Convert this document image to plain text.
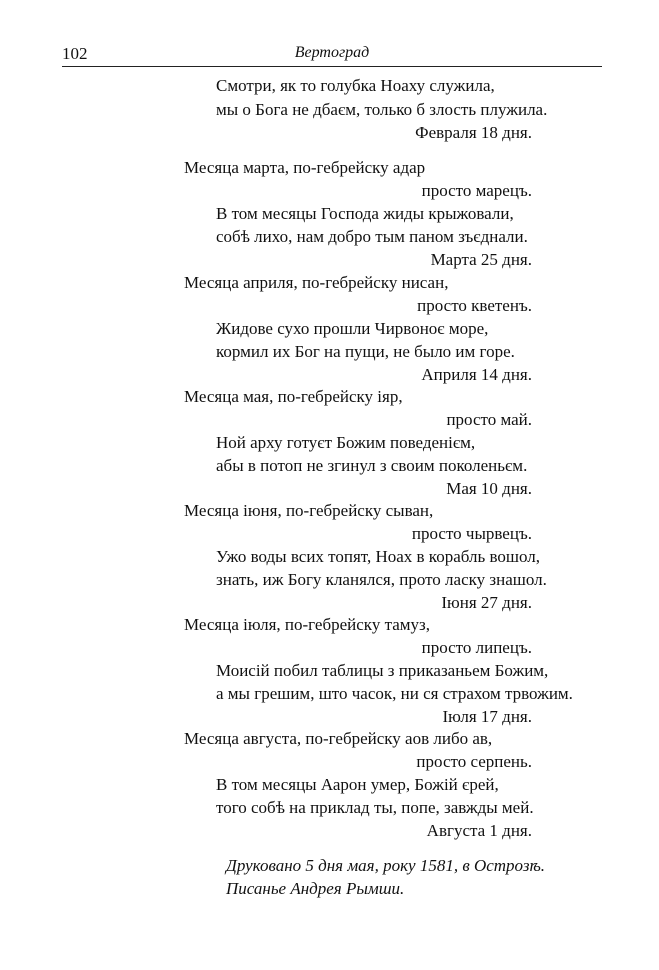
102	Вертоград
Смотри, як то голубка Ноаху служила,
мы о Бога не дбаєм, только б злость плужила.
Февраля 18 дня.
Месяца марта, по-гебрейску адар
просто марецъ.
В том месяцы Господа жиды крыжовали,
собѣ лихо, нам добро тым паном зъєднали.
Марта 25 дня.
Месяца априля, по-гебрейску нисан,
просто кветенъ.
Жидове сухо прошли Чирвоноє море,
кормил их Бог на пущи, не было им горе.
Априля 14 дня.
Месяца мая, по-гебрейску іяр,
просто май.
Ной арху готуєт Божим поведенієм,
абы в потоп не згинул з своим поколеньєм.
Мая 10 дня.
Месяца іюня, по-гебрейску сыван,
просто чырвецъ.
Ужо воды всих топят, Ноах в корабль вошол,
знать, иж Богу кланялся, прото ласку знашол.
Іюня 27 дня.
Месяца іюля, по-гебрейску тамуз,
просто липецъ.
Моисій побил таблицы з приказаньем Божим,
а мы грешим, што часок, ни ся страхом трвожим.
Іюля 17 дня.
Месяца августа, по-гебрейску аов либо ав,
просто серпень.
В том месяцы Аарон умер, Божій єрей,
того собѣ на приклад ты, попе, завжды мей.
Августа 1 дня.
Друковано 5 дня мая, року 1581, в Острозѣ.
Писанье Андрея Рымши.
